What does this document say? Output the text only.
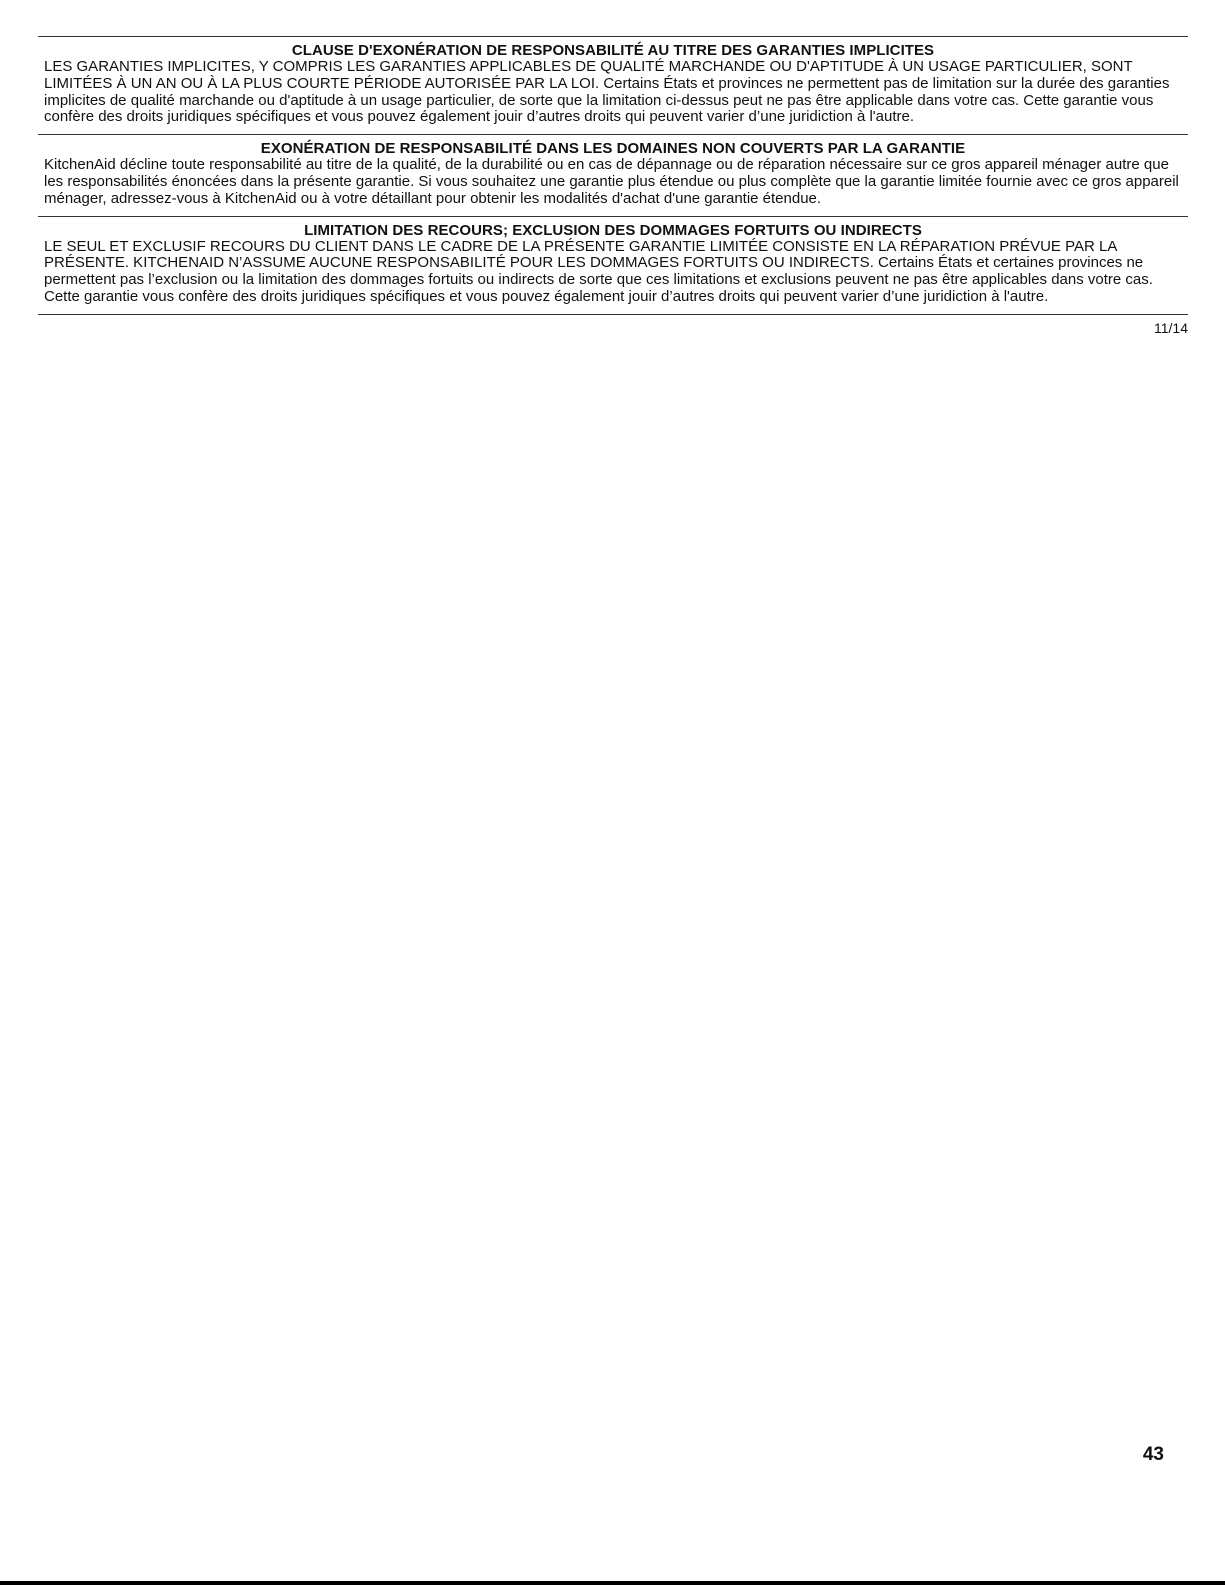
CLAUSE D'EXONÉRATION DE RESPONSABILITÉ AU TITRE DES GARANTIES IMPLICITES

LES GARANTIES IMPLICITES, Y COMPRIS LES GARANTIES APPLICABLES DE QUALITÉ MARCHANDE OU D'APTITUDE À UN USAGE PARTICULIER, SONT LIMITÉES À UN AN OU À LA PLUS COURTE PÉRIODE AUTORISÉE PAR LA LOI. Certains États et provinces ne permettent pas de limitation sur la durée des garanties implicites de qualité marchande ou d'aptitude à un usage particulier, de sorte que la limitation ci-dessus peut ne pas être applicable dans votre cas. Cette garantie vous confère des droits juridiques spécifiques et vous pouvez également jouir d’autres droits qui peuvent varier d’une juridiction à l'autre.

EXONÉRATION DE RESPONSABILITÉ DANS LES DOMAINES NON COUVERTS PAR LA GARANTIE

KitchenAid décline toute responsabilité au titre de la qualité, de la durabilité ou en cas de dépannage ou de réparation nécessaire sur ce gros appareil ménager autre que les responsabilités énoncées dans la présente garantie. Si vous souhaitez une garantie plus étendue ou plus complète que la garantie limitée fournie avec ce gros appareil ménager, adressez-vous à KitchenAid ou à votre détaillant pour obtenir les modalités d'achat d'une garantie étendue.

LIMITATION DES RECOURS; EXCLUSION DES DOMMAGES FORTUITS OU INDIRECTS

LE SEUL ET EXCLUSIF RECOURS DU CLIENT DANS LE CADRE DE LA PRÉSENTE GARANTIE LIMITÉE CONSISTE EN LA RÉPARATION PRÉVUE PAR LA PRÉSENTE. KITCHENAID N’ASSUME AUCUNE RESPONSABILITÉ POUR LES DOMMAGES FORTUITS OU INDIRECTS. Certains États et certaines provinces ne permettent pas l’exclusion ou la limitation des dommages fortuits ou indirects de sorte que ces limitations et exclusions peuvent ne pas être applicables dans votre cas. Cette garantie vous confère des droits juridiques spécifiques et vous pouvez également jouir d’autres droits qui peuvent varier d’une juridiction à l'autre.

11/14
43
